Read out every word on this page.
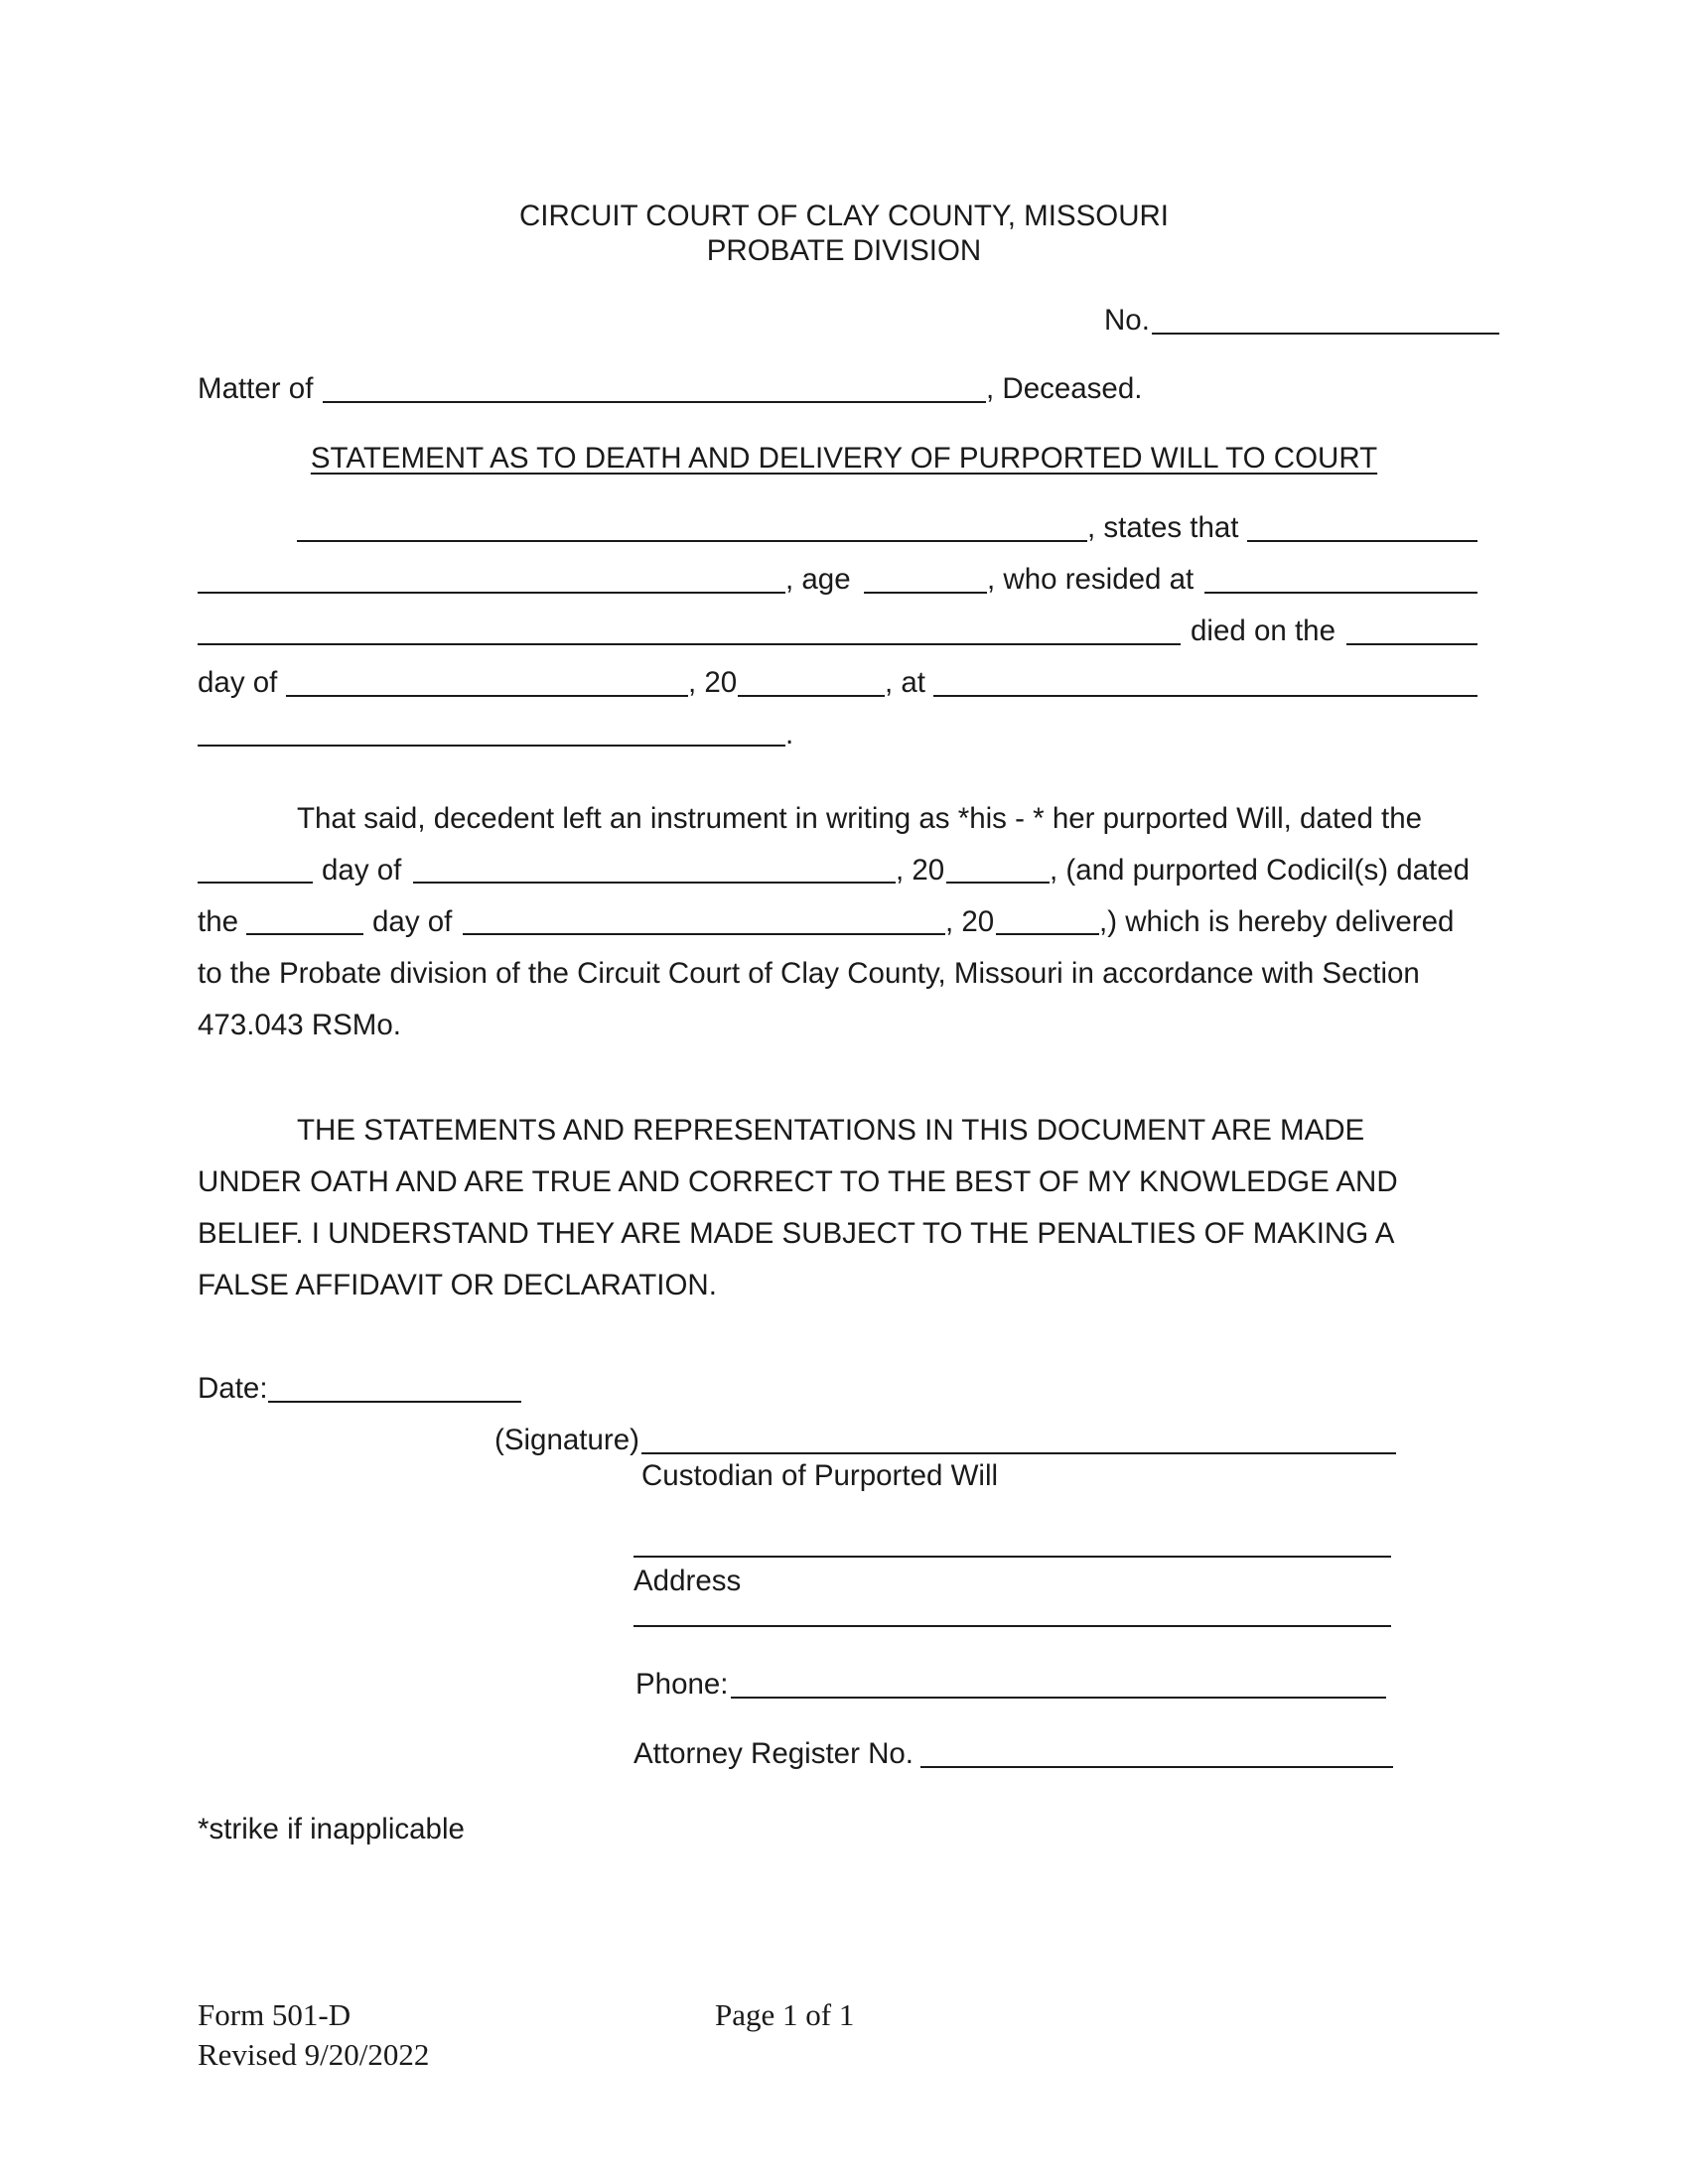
CIRCUIT COURT OF CLAY COUNTY, MISSOURI
PROBATE DIVISION
No.
Matter of	, Deceased.
STATEMENT AS TO DEATH AND DELIVERY OF PURPORTED WILL TO COURT
, states that
, age	, who resided at
died on the
day of	, 20	, at
.
That said, decedent left an instrument in writing as *his - * her purported Will, dated the
day of	, 20	, (and purported Codicil(s) dated
the	day of	, 20	,) which is hereby delivered
to the Probate division of the Circuit Court of Clay County, Missouri in accordance with Section
473.043 RSMo.
THE STATEMENTS AND REPRESENTATIONS IN THIS DOCUMENT ARE MADE
UNDER OATH AND ARE TRUE AND CORRECT TO THE BEST OF MY KNOWLEDGE AND
BELIEF. I UNDERSTAND THEY ARE MADE SUBJECT TO THE PENALTIES OF MAKING A
FALSE AFFIDAVIT OR DECLARATION.
Date:
(Signature)
Custodian of Purported Will
Address
Phone:
Attorney Register No.
*strike if inapplicable
Form 501-D
Revised 9/20/2022
Page 1 of 1
